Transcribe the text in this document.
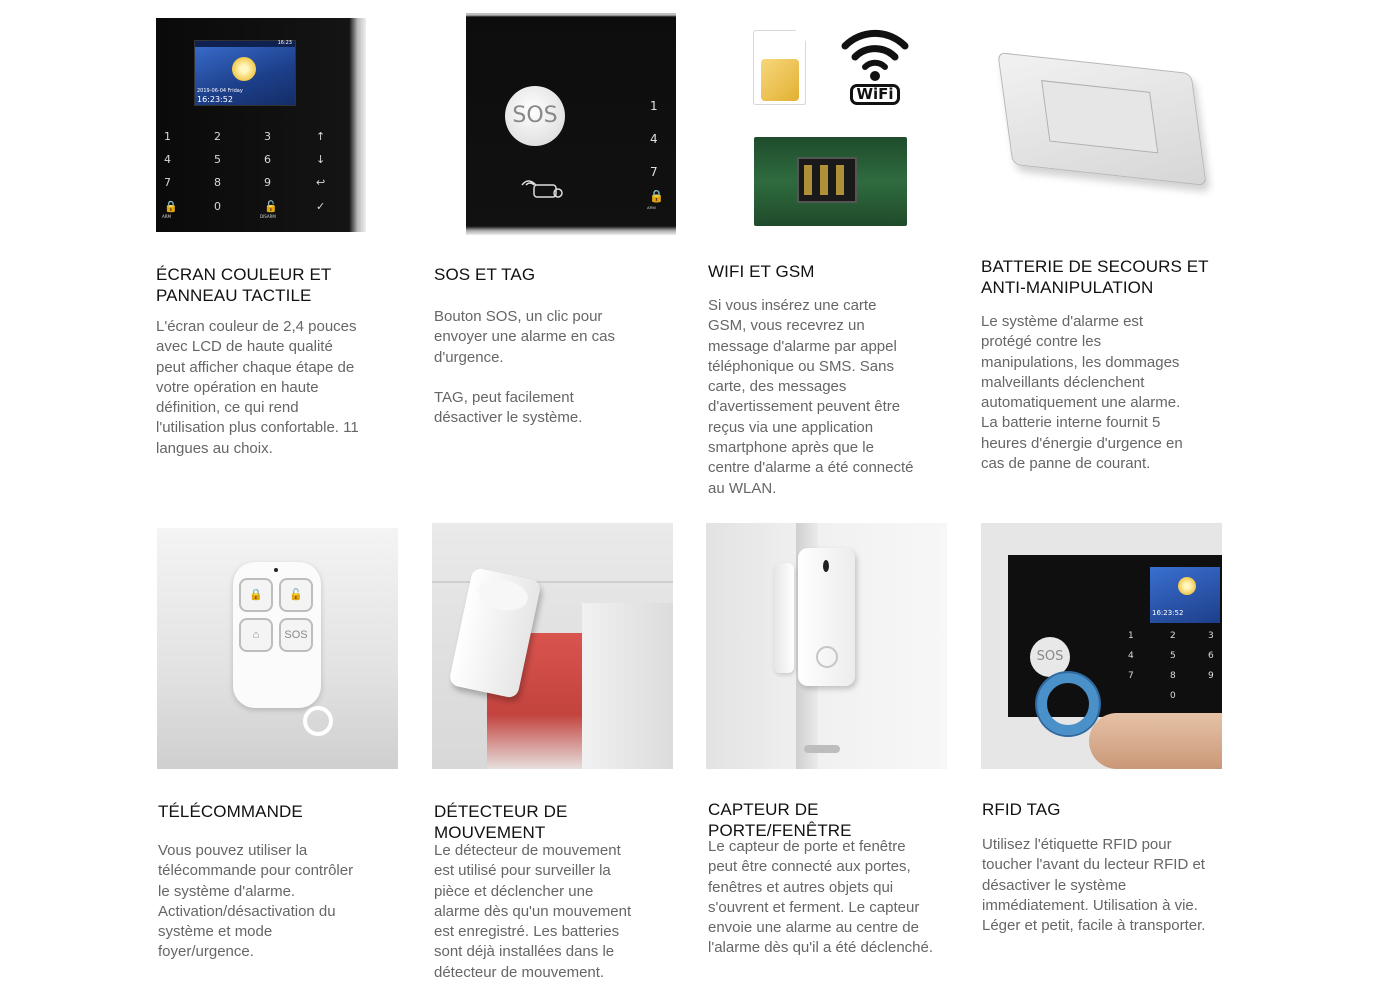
16:23
2019-06-04 Friday
16:23:52
1	2	3	↑
4	5	6	↓
7	8	9	↩
🔒	0	🔓	✓
ARM	DISARM
ÉCRAN COULEUR ET PANNEAU TACTILE
L'écran couleur de 2,4 pouces
avec LCD de haute qualité
peut afficher chaque étape de
votre opération en haute
définition, ce qui rend
l'utilisation plus confortable. 11
langues au choix.
SOS	1
4
7
🔒
ARM
SOS ET TAG
Bouton SOS, un clic pour
envoyer une alarme en cas
d'urgence.

TAG, peut facilement
désactiver le système.
WiFi
WIFI ET GSM
Si vous insérez une carte
GSM, vous recevrez un
message d'alarme par appel
téléphonique ou SMS. Sans
carte, des messages
d'avertissement peuvent être
reçus via une application
smartphone après que le
centre d'alarme a été connecté
au WLAN.
BATTERIE DE SECOURS ET ANTI-MANIPULATION
Le système d'alarme est
protégé contre les
manipulations, les dommages
malveillants déclenchent
automatiquement une alarme.
La batterie interne fournit 5
heures d'énergie d'urgence en
cas de panne de courant.
🔒	🔓
⌂	SOS
TÉLÉCOMMANDE
Vous pouvez utiliser la
télécommande pour contrôler
le système d'alarme.
Activation/désactivation du
système et mode
foyer/urgence.
DÉTECTEUR DE MOUVEMENT
Le détecteur de mouvement
est utilisé pour surveiller la
pièce et déclencher une
alarme dès qu'un mouvement
est enregistré. Les batteries
sont déjà installées dans le
détecteur de mouvement.
CAPTEUR DE PORTE/FENÊTRE
Le capteur de porte et fenêtre
peut être connecté aux portes,
fenêtres et autres objets qui
s'ouvrent et ferment. Le capteur
envoie une alarme au centre de
l'alarme dès qu'il a été déclenché.
16:23:52
SOS
1	2	3
4	5	6
7	8	9
0
RFID TAG
Utilisez l'étiquette RFID pour
toucher l'avant du lecteur RFID et
désactiver le système
immédiatement. Utilisation à vie.
Léger et petit, facile à transporter.
